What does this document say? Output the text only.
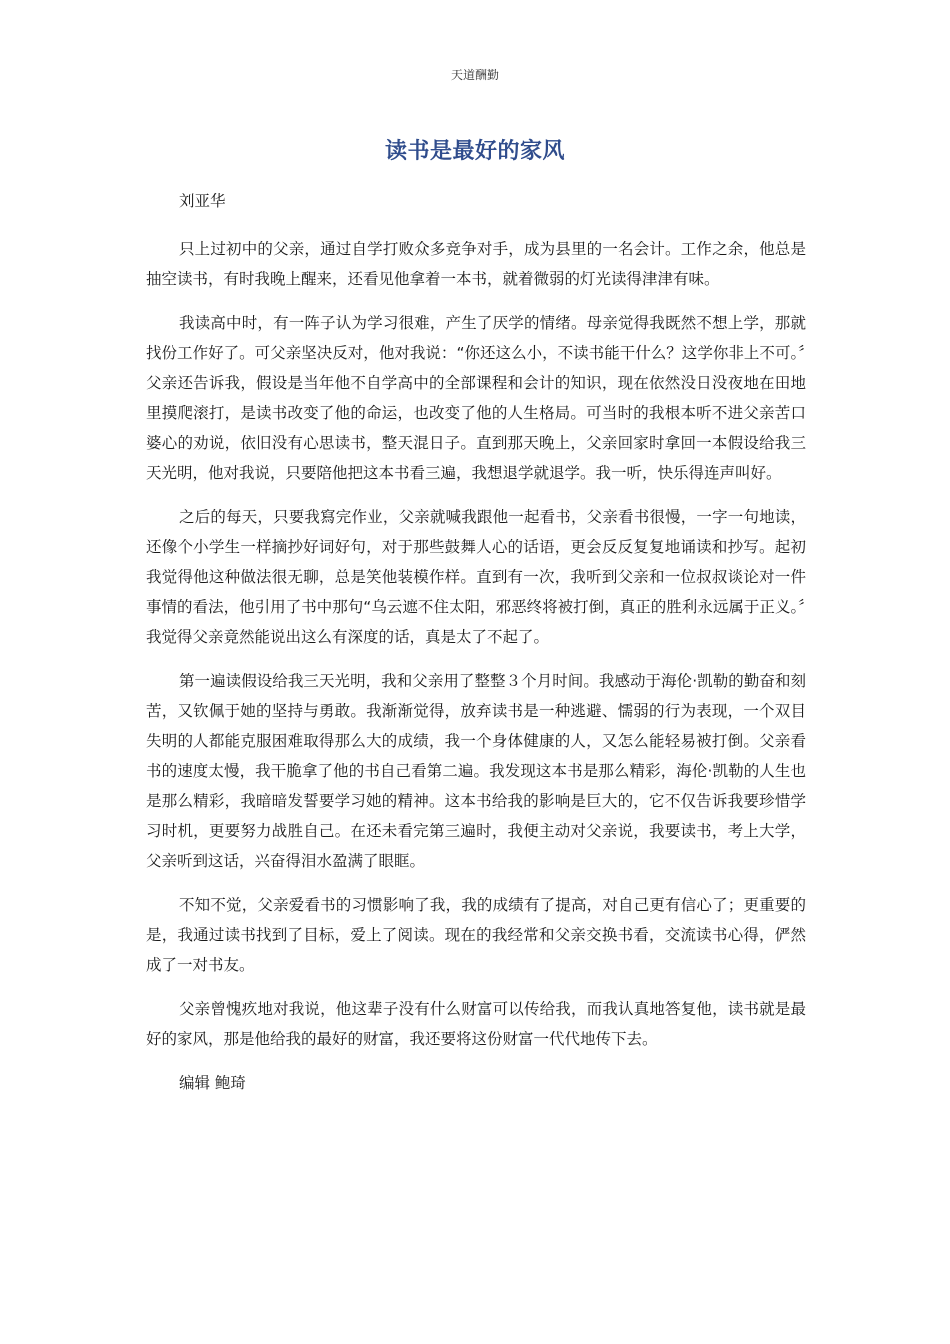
天道酬勤
读书是最好的家风

刘亚华

只上过初中的父亲，通过自学打败众多竞争对手，成为县里的一名会计。工作之余，他总是抽空读书，有时我晚上醒来，还看见他拿着一本书，就着微弱的灯光读得津津有味。

我读高中时，有一阵子认为学习很难，产生了厌学的情绪。母亲觉得我既然不想上学，那就找份工作好了。可父亲坚决反对，他对我说：“你还这么小，不读书能干什么？这学你非上不可。〞父亲还告诉我，假设是当年他不自学高中的全部课程和会计的知识，现在依然没日没夜地在田地里摸爬滚打，是读书改变了他的命运，也改变了他的人生格局。可当时的我根本听不进父亲苦口婆心的劝说，依旧没有心思读书，整天混日子。直到那天晚上，父亲回家时拿回一本假设给我三天光明，他对我说，只要陪他把这本书看三遍，我想退学就退学。我一听，快乐得连声叫好。

之后的每天，只要我寫完作业，父亲就喊我跟他一起看书，父亲看书很慢，一字一句地读，还像个小学生一样摘抄好词好句，对于那些鼓舞人心的话语，更会反反复复地诵读和抄写。起初我觉得他这种做法很无聊，总是笑他装模作样。直到有一次，我听到父亲和一位叔叔谈论对一件事情的看法，他引用了书中那句“乌云遮不住太阳，邪恶终将被打倒，真正的胜利永远属于正义。〞我觉得父亲竟然能说出这么有深度的话，真是太了不起了。

第一遍读假设给我三天光明，我和父亲用了整整３个月时间。我感动于海伦·凯勒的勤奋和刻苦，又钦佩于她的坚持与勇敢。我渐渐觉得，放弃读书是一种逃避、懦弱的行为表现，一个双目失明的人都能克服困难取得那么大的成绩，我一个身体健康的人，又怎么能轻易被打倒。父亲看书的速度太慢，我干脆拿了他的书自己看第二遍。我发现这本书是那么精彩，海伦·凯勒的人生也是那么精彩，我暗暗发誓要学习她的精神。这本书给我的影响是巨大的，它不仅告诉我要珍惜学习时机，更要努力战胜自己。在还未看完第三遍时，我便主动对父亲说，我要读书，考上大学，父亲听到这话，兴奋得泪水盈满了眼眶。

不知不觉，父亲爱看书的习惯影响了我，我的成绩有了提高，对自己更有信心了；更重要的是，我通过读书找到了目标，爱上了阅读。现在的我经常和父亲交换书看，交流读书心得，俨然成了一对书友。

父亲曾愧疚地对我说，他这辈子没有什么财富可以传给我，而我认真地答复他，读书就是最好的家风，那是他给我的最好的财富，我还要将这份财富一代代地传下去。

编辑 鲍琦
